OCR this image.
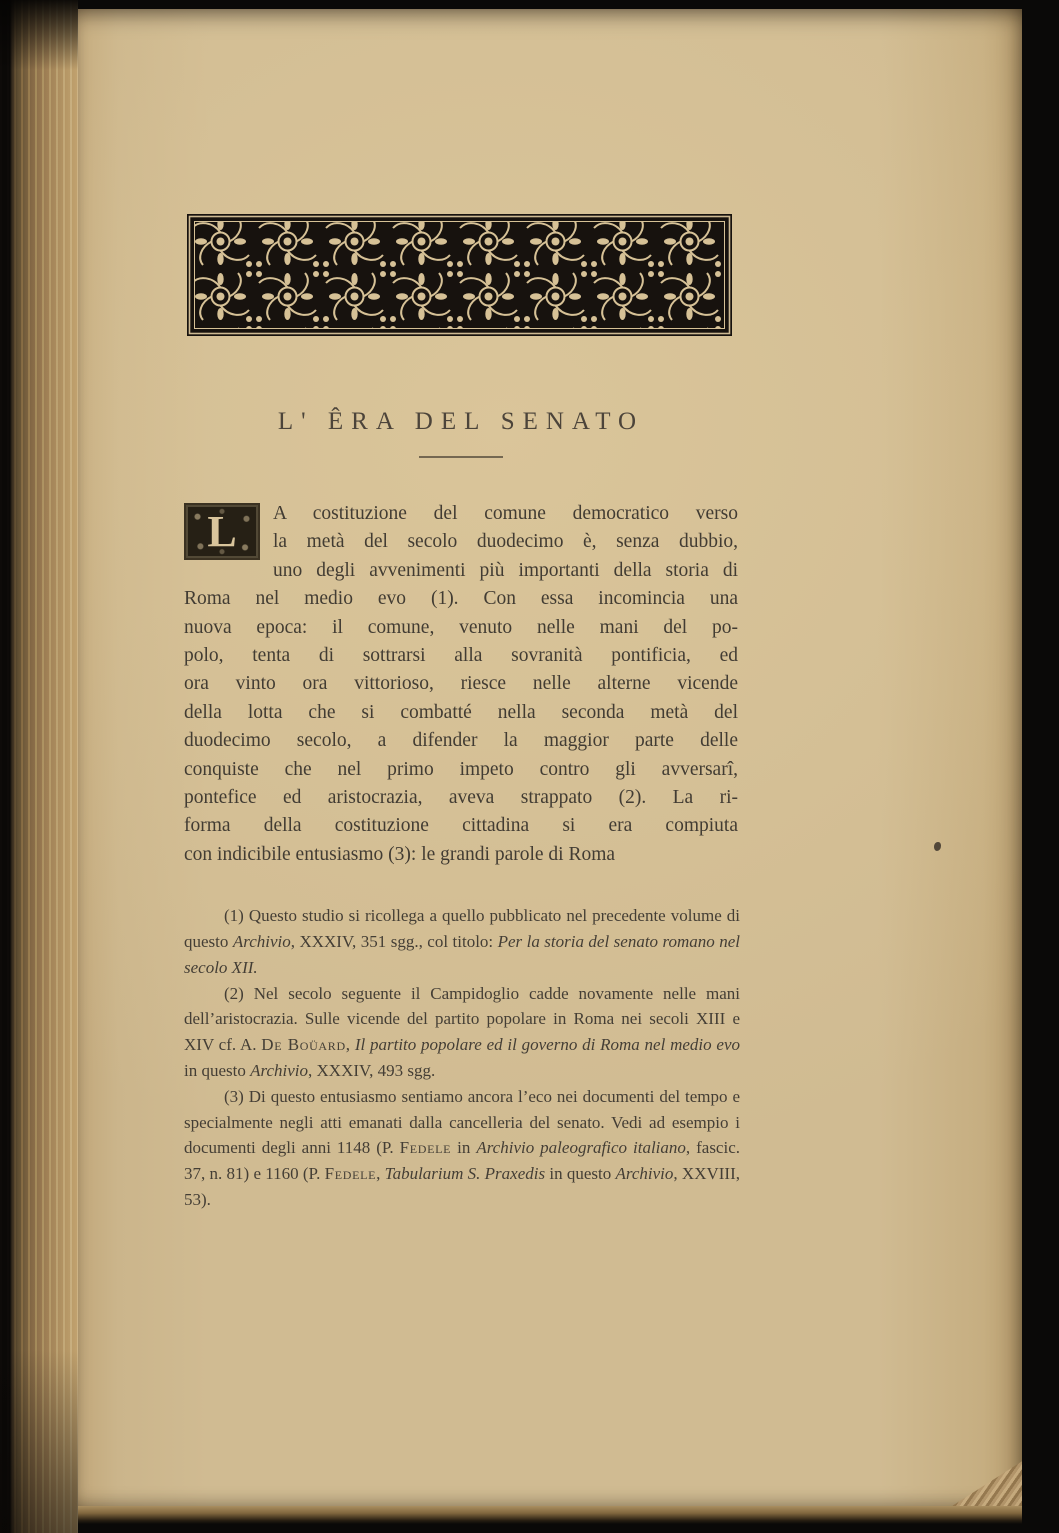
L' ÊRA DEL SENATO
L	A costituzione del comune democratico verso
la metà del secolo duodecimo è, senza dubbio,
uno degli avvenimenti più importanti della storia di
Roma nel medio evo (1). Con essa incomincia una
nuova epoca: il comune, venuto nelle mani del po-
polo, tenta di sottrarsi alla sovranità pontificia, ed
ora vinto ora vittorioso, riesce nelle alterne vicende
della lotta che si combatté nella seconda metà del
duodecimo secolo, a difender la maggior parte delle
conquiste che nel primo impeto contro gli avversarî,
pontefice ed aristocrazia, aveva strappato (2). La ri-
forma della costituzione cittadina si era compiuta
con indicibile entusiasmo (3): le grandi parole di Roma

(1) Questo studio si ricollega a quello pubblicato nel precedente volume di questo Archivio, XXXIV, 351 sgg., col titolo: Per la storia del senato romano nel secolo XII.

(2) Nel secolo seguente il Campidoglio cadde novamente nelle mani dell’aristocrazia. Sulle vicende del partito popolare in Roma nei secoli XIII e XIV cf. A. De Boüard, Il partito popolare ed il governo di Roma nel medio evo in questo Archivio, XXXIV, 493 sgg.

(3) Di questo entusiasmo sentiamo ancora l’eco nei documenti del tempo e specialmente negli atti emanati dalla cancelleria del senato. Vedi ad esempio i documenti degli anni 1148 (P. Fedele in Archivio paleografico italiano, fascic. 37, n. 81) e 1160 (P. Fedele, Tabularium S. Praxedis in questo Archivio, XXVIII, 53).
